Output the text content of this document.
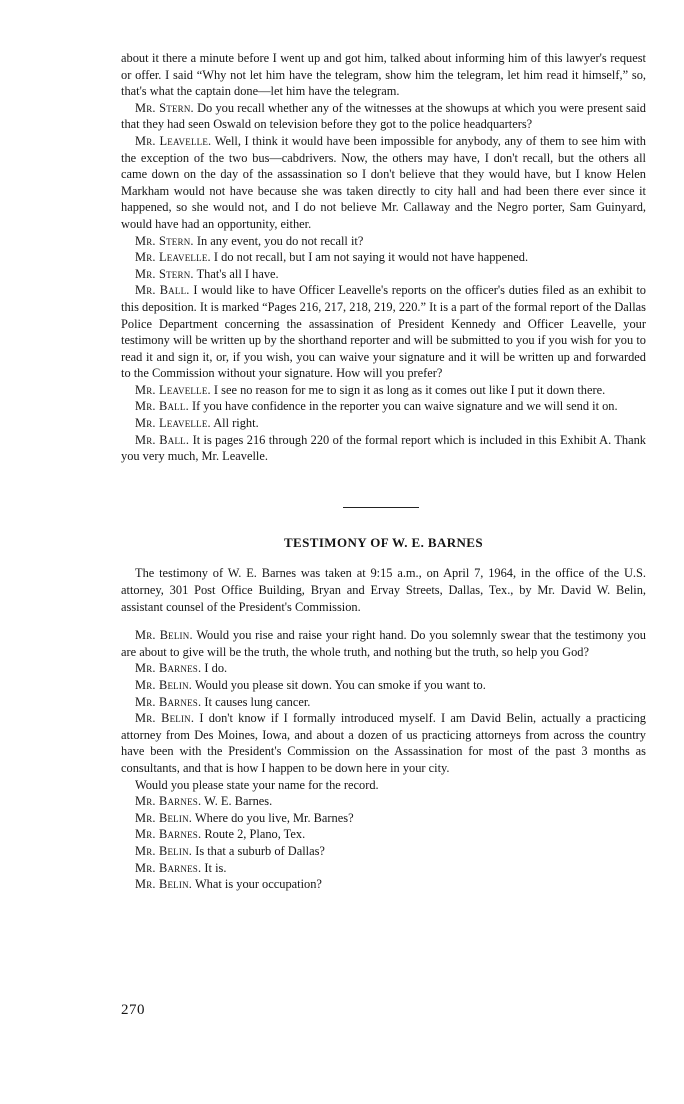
about it there a minute before I went up and got him, talked about informing him of this lawyer's request or offer. I said “Why not let him have the telegram, show him the telegram, let him read it himself,” so, that's what the captain done—let him have the telegram.

Mr. Stern. Do you recall whether any of the witnesses at the showups at which you were present said that they had seen Oswald on television before they got to the police headquarters?

Mr. Leavelle. Well, I think it would have been impossible for anybody, any of them to see him with the exception of the two bus—cabdrivers. Now, the others may have, I don't recall, but the others all came down on the day of the assassination so I don't believe that they would have, but I know Helen Markham would not have because she was taken directly to city hall and had been there ever since it happened, so she would not, and I do not believe Mr. Callaway and the Negro porter, Sam Guinyard, would have had an opportunity, either.

Mr. Stern. In any event, you do not recall it?

Mr. Leavelle. I do not recall, but I am not saying it would not have happened.

Mr. Stern. That's all I have.

Mr. Ball. I would like to have Officer Leavelle's reports on the officer's duties filed as an exhibit to this deposition. It is marked “Pages 216, 217, 218, 219, 220.” It is a part of the formal report of the Dallas Police Department concerning the assassination of President Kennedy and Officer Leavelle, your testimony will be written up by the shorthand reporter and will be submitted to you if you wish for you to read it and sign it, or, if you wish, you can waive your signature and it will be written up and forwarded to the Commission without your signature. How will you prefer?

Mr. Leavelle. I see no reason for me to sign it as long as it comes out like I put it down there.

Mr. Ball. If you have confidence in the reporter you can waive signature and we will send it on.

Mr. Leavelle. All right.

Mr. Ball. It is pages 216 through 220 of the formal report which is included in this Exhibit A. Thank you very much, Mr. Leavelle.

TESTIMONY OF W. E. BARNES

The testimony of W. E. Barnes was taken at 9:15 a.m., on April 7, 1964, in the office of the U.S. attorney, 301 Post Office Building, Bryan and Ervay Streets, Dallas, Tex., by Mr. David W. Belin, assistant counsel of the President's Commission.

Mr. Belin. Would you rise and raise your right hand. Do you solemnly swear that the testimony you are about to give will be the truth, the whole truth, and nothing but the truth, so help you God?

Mr. Barnes. I do.

Mr. Belin. Would you please sit down. You can smoke if you want to.

Mr. Barnes. It causes lung cancer.

Mr. Belin. I don't know if I formally introduced myself. I am David Belin, actually a practicing attorney from Des Moines, Iowa, and about a dozen of us practicing attorneys from across the country have been with the President's Commission on the Assassination for most of the past 3 months as consultants, and that is how I happen to be down here in your city.

Would you please state your name for the record.

Mr. Barnes. W. E. Barnes.

Mr. Belin. Where do you live, Mr. Barnes?

Mr. Barnes. Route 2, Plano, Tex.

Mr. Belin. Is that a suburb of Dallas?

Mr. Barnes. It is.

Mr. Belin. What is your occupation?

270
